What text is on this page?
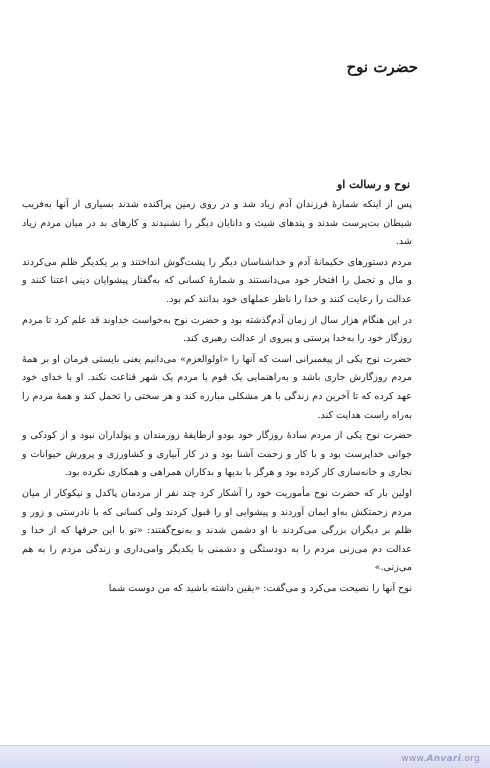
حضرت نوح
نوح و رسالت او

پس از اینکه شمارهٔ فرزندان آدم زیاد شد و در روی زمین پراکنده شدند بسیاری از آنها به‌فریب شیطان بت‌پرست شدند و پندهای شیث و دانایان دیگر را نشنیدند و کارهای بد در میان مردم زیاد شد.

مردم دستورهای حکیمانهٔ آدم و خداشناسان دیگر را پشت‌گوش انداختند و بر یکدیگر ظلم می‌کردند و مال و تجمل را افتخار خود می‌دانستند و شمارهٔ کسانی که به‌گفتار پیشوایان دینی اعتنا کنند و عدالت را رعایت کنند و خدا را ناظر عملهای خود بدانند کم بود.

در این هنگام هزار سال از زمان آدم‌گذشته بود و حضرت نوح به‌خواست خداوند قد علم کرد تا مردم روزگار خود را به‌خدا پرستی و پیروی از عدالت رهبری کند.

حضرت نوح یکی از پیغمبرانی است که آنها را «اولوالعزم» می‌دانیم یعنی بایستی فرمان او بر همهٔ مردم روزگارش جاری باشد و به‌راهنمایی یک قوم یا مردم یک شهر قناعت نکند. او با خدای خود عهد کرده که تا آخرین دم زندگی با هر مشکلی مبارزه کند و هر سختی را تحمل کند و همهٔ مردم را به‌راه راست هدایت کند.

حضرت نوح یکی از مردم سادهٔ روزگار خود بودو ازطایفهٔ زورمندان و پولداران نبود و از کودکی و جوانی خداپرست بود و با کار و زحمت آشنا بود و در کار آبیاری و کشاورزی و پرورش حیوانات و نجاری و خانه‌سازی کار کرده بود و هرگز با بدیها و بدکاران همراهی و همکاری نکرده بود.

اولین بار که حضرت نوح مأموریت خود را آشکار کرد چند نفر از مردمان پاکدل و نیکوکار از میان مردم زحمتکش به‌او ایمان آوردند و پیشوایی او را قبول کردند ولی کسانی که با نادرستی و زور و ظلم بر دیگران بزرگی می‌کردند با او دشمن شدند و به‌نوح‌گفتند: «تو با این حرفها که از خدا و عدالت دم می‌زنی مردم را به دودستگی و دشمنی با یکدیگر وامی‌داری و زندگی مردم را به هم می‌زنی.»

نوح آنها را نصیحت می‌کرد و می‌گفت: «یقین داشته باشید که من دوست شما

www.Anvari.org
